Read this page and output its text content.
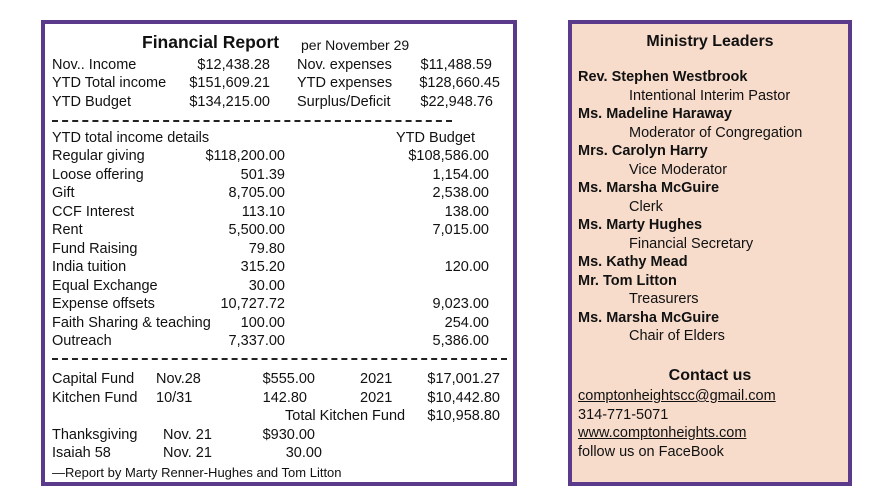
Financial Report per November 29
Nov.. Income	$12,438.28 Nov. expenses	$11,488.59
YTD Total income	$151,609.21 YTD expenses	$128,660.45
YTD Budget	$134,215.00 Surplus/Deficit	$22,948.76
YTD total income details	YTD Budget
Regular giving	$118,200.00	$108,586.00
Loose offering	501.39	1,154.00
Gift	8,705.00	2,538.00
CCF Interest	113.10	138.00
Rent	5,500.00	7,015.00
Fund Raising	79.80
India tuition	315.20	120.00
Equal Exchange	30.00
Expense offsets	10,727.72	9,023.00
Faith Sharing & teaching	100.00	254.00
Outreach	7,337.00	5,386.00
Capital Fund Nov.28	$555.00	2021	$17,001.27
Kitchen Fund 10/31	142.80	2021	$10,442.80
Total Kitchen Fund	$10,958.80
Thanksgiving Nov. 21	$930.00
Isaiah 58	Nov. 21	30.00
—Report by Marty Renner-Hughes and Tom Litton
Ministry Leaders
Rev. Stephen Westbrook
Intentional Interim Pastor
Ms. Madeline Haraway
Moderator of Congregation
Mrs. Carolyn Harry
Vice Moderator
Ms. Marsha McGuire
Clerk
Ms. Marty Hughes
Financial Secretary
Ms. Kathy Mead
Mr. Tom Litton
Treasurers
Ms. Marsha McGuire
Chair of Elders
Contact us
comptonheightscc@gmail.com
314-771-5071
www.comptonheights.com
follow us on FaceBook
